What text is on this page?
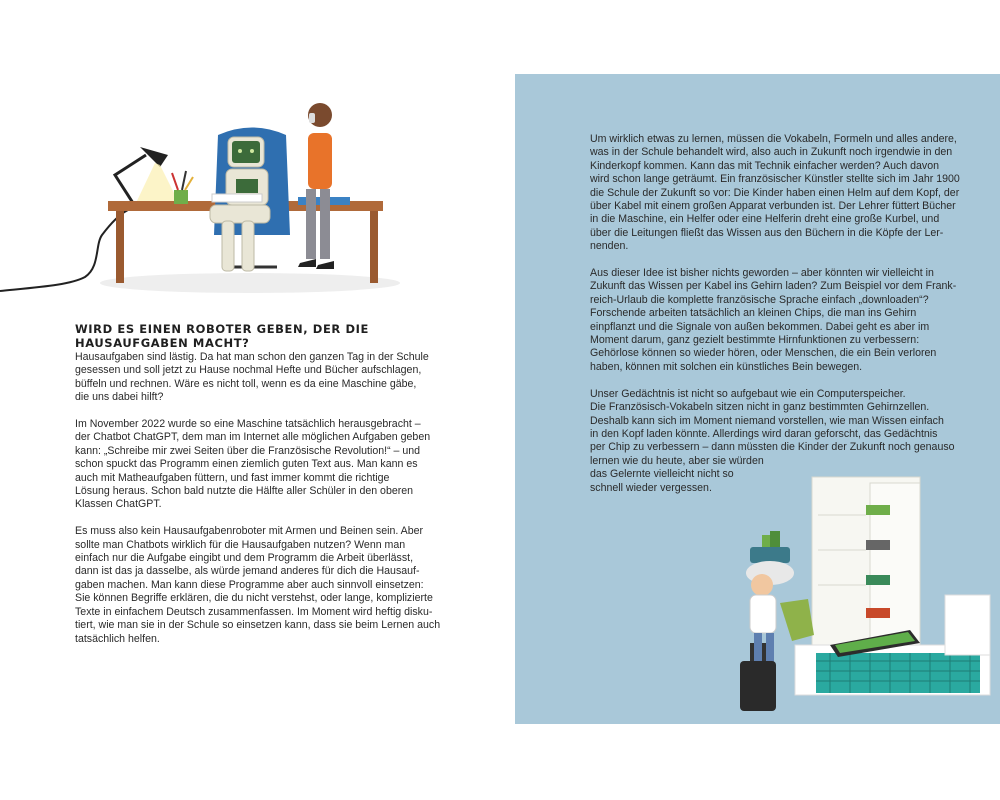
WIRD ES EINEN ROBOTER GEBEN, DER DIE HAUSAUFGABEN MACHT?

Hausaufgaben sind lästig. Da hat man schon den ganzen Tag in der Schule
gesessen und soll jetzt zu Hause nochmal Hefte und Bücher aufschlagen,
büffeln und rechnen. Wäre es nicht toll, wenn es da eine Maschine gäbe,
die uns dabei hilft?

Im November 2022 wurde so eine Maschine tatsächlich herausgebracht –
der Chatbot ChatGPT, dem man im Internet alle möglichen Aufgaben geben
kann: „Schreibe mir zwei Seiten über die Französische Revolution!“ – und
schon spuckt das Programm einen ziemlich guten Text aus. Man kann es
auch mit Matheaufgaben füttern, und fast immer kommt die richtige
Lösung heraus. Schon bald nutzte die Hälfte aller Schüler in den oberen
Klassen ChatGPT.

Es muss also kein Hausaufgabenroboter mit Armen und Beinen sein. Aber
sollte man Chatbots wirklich für die Hausaufgaben nutzen? Wenn man
einfach nur die Aufgabe eingibt und dem Programm die Arbeit überlässt,
dann ist das ja dasselbe, als würde jemand anderes für dich die Hausauf-
gaben machen. Man kann diese Programme aber auch sinnvoll einsetzen:
Sie können Begriffe erklären, die du nicht verstehst, oder lange, komplizierte
Texte in einfachem Deutsch zusammenfassen. Im Moment wird heftig disku-
tiert, wie man sie in der Schule so einsetzen kann, dass sie beim Lernen auch
tatsächlich helfen.

Um wirklich etwas zu lernen, müssen die Vokabeln, Formeln und alles andere,
was in der Schule behandelt wird, also auch in Zukunft noch irgendwie in den
Kinderkopf kommen. Kann das mit Technik einfacher werden? Auch davon
wird schon lange geträumt. Ein französischer Künstler stellte sich im Jahr 1900
die Schule der Zukunft so vor: Die Kinder haben einen Helm auf dem Kopf, der
über Kabel mit einem großen Apparat verbunden ist. Der Lehrer füttert Bücher
in die Maschine, ein Helfer oder eine Helferin dreht eine große Kurbel, und
über die Leitungen fließt das Wissen aus den Büchern in die Köpfe der Ler-
nenden.

Aus dieser Idee ist bisher nichts geworden – aber könnten wir vielleicht in
Zukunft das Wissen per Kabel ins Gehirn laden? Zum Beispiel vor dem Frank-
reich-Urlaub die komplette französische Sprache einfach „downloaden“?
Forschende arbeiten tatsächlich an kleinen Chips, die man ins Gehirn
einpflanzt und die Signale von außen bekommen. Dabei geht es aber im
Moment darum, ganz gezielt bestimmte Hirnfunktionen zu verbessern:
Gehörlose können so wieder hören, oder Menschen, die ein Bein verloren
haben, können mit solchen ein künstliches Bein bewegen.

Unser Gedächtnis ist nicht so aufgebaut wie ein Computerspeicher.
Die Französisch-Vokabeln sitzen nicht in ganz bestimmten Gehirnzellen.
Deshalb kann sich im Moment niemand vorstellen, wie man Wissen einfach
in den Kopf laden könnte. Allerdings wird daran geforscht, das Gedächtnis
per Chip zu verbessern – dann müssten die Kinder der Zukunft noch genauso
lernen wie du heute, aber sie würden
das Gelernte vielleicht nicht so
schnell wieder vergessen.
